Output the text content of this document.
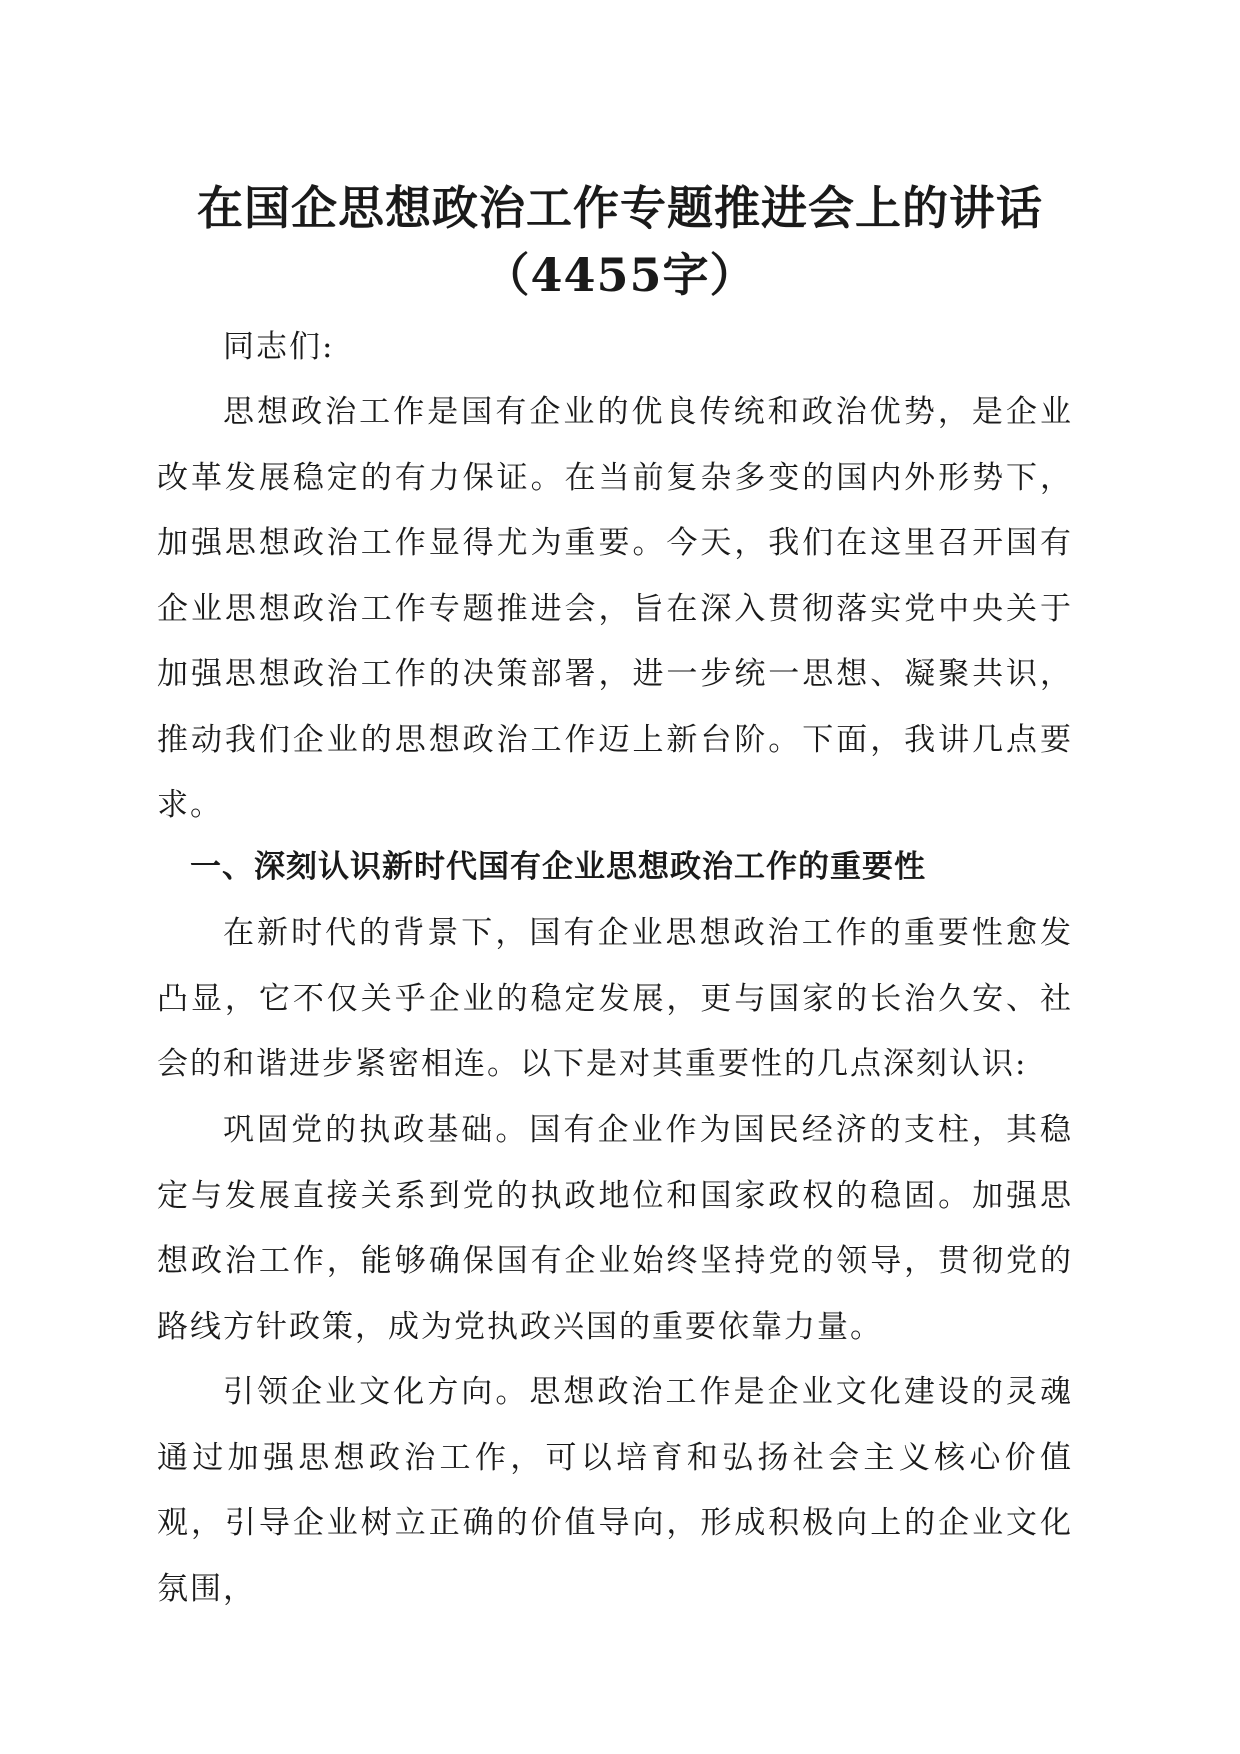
在国企思想政治工作专题推进会上的讲话
（4455字）

同志们:

思想政治工作是国有企业的优良传统和政治优势，是企业改革发展稳定的有力保证。在当前复杂多变的国内外形势下，加强思想政治工作显得尤为重要。今天，我们在这里召开国有企业思想政治工作专题推进会，旨在深入贯彻落实党中央关于加强思想政治工作的决策部署，进一步统一思想、凝聚共识，推动我们企业的思想政治工作迈上新台阶。下面，我讲几点要求。

一、深刻认识新时代国有企业思想政治工作的重要性

在新时代的背景下，国有企业思想政治工作的重要性愈发凸显，它不仅关乎企业的稳定发展，更与国家的长治久安、社会的和谐进步紧密相连。以下是对其重要性的几点深刻认识:

巩固党的执政基础。国有企业作为国民经济的支柱，其稳定与发展直接关系到党的执政地位和国家政权的稳固。加强思想政治工作，能够确保国有企业始终坚持党的领导，贯彻党的路线方针政策，成为党执政兴国的重要依靠力量。

引领企业文化方向。思想政治工作是企业文化建设的灵魂通过加强思想政治工作，可以培育和弘扬社会主义核心价值观，引导企业树立正确的价值导向，形成积极向上的企业文化氛围，
